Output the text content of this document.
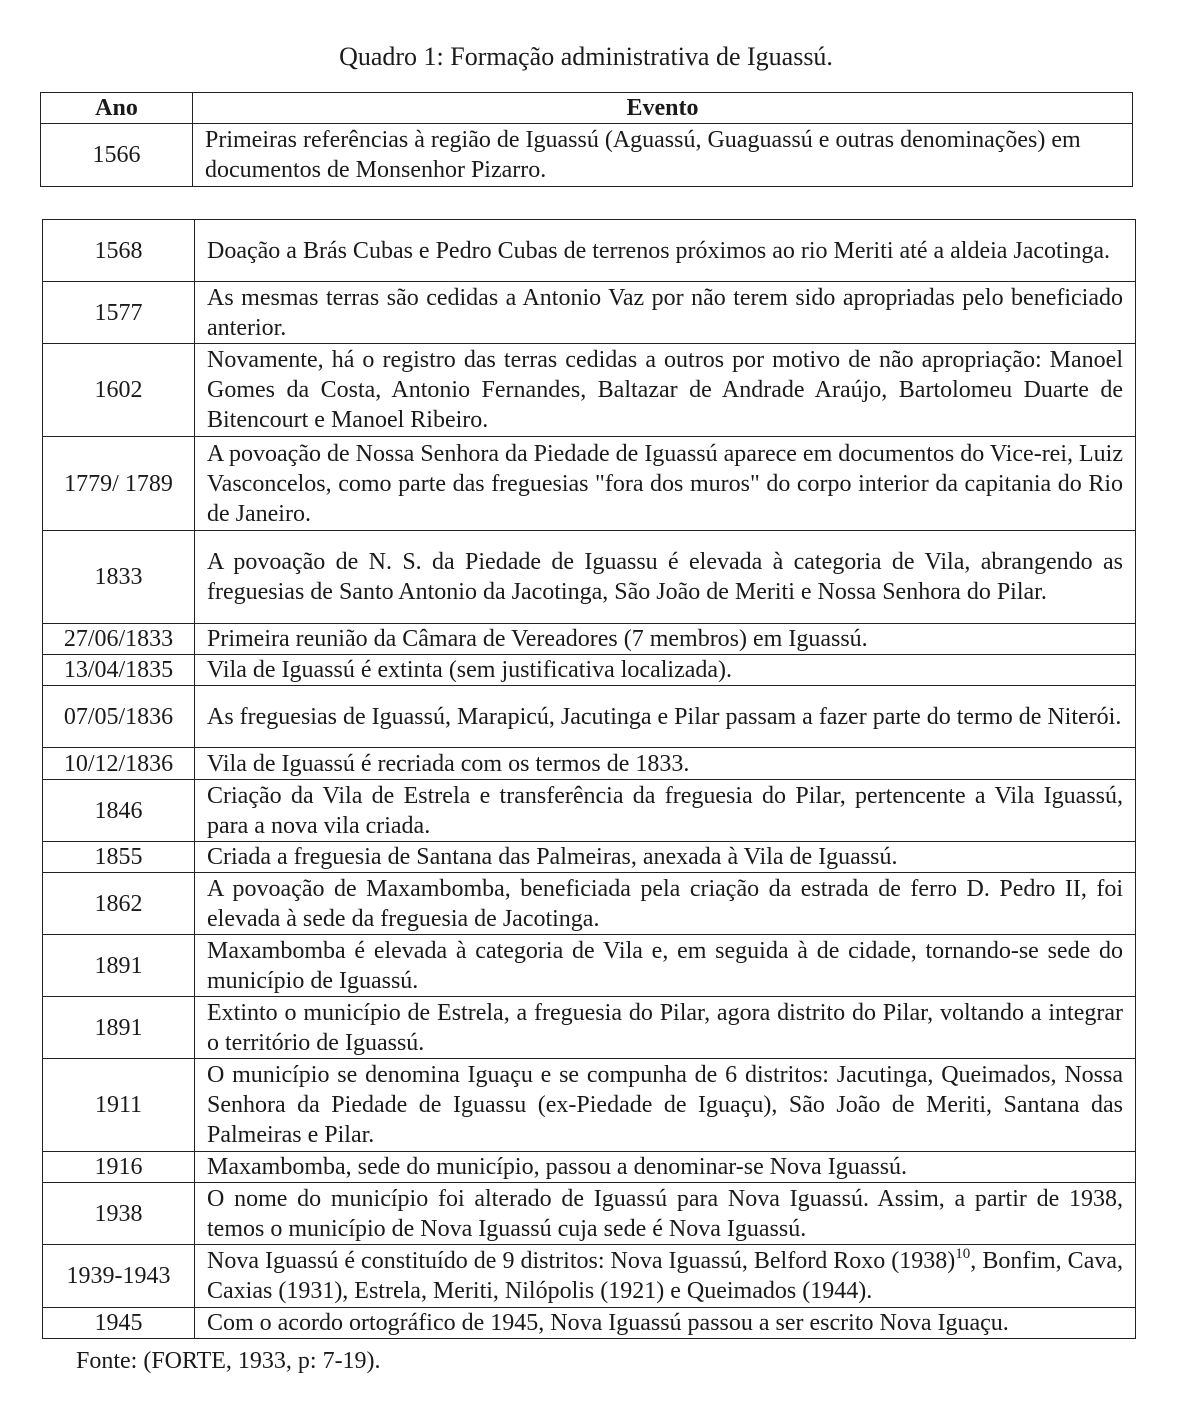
Quadro 1: Formação administrativa de Iguassú.
Ano	Evento
1566	Primeiras referências à região de Iguassú (Aguassú, Guaguassú e outras denominações) em documentos de Monsenhor Pizarro.
1568	Doação a Brás Cubas e Pedro Cubas de terrenos próximos ao rio Meriti até a aldeia Jacotinga.
1577	As mesmas terras são cedidas a Antonio Vaz por não terem sido apropriadas pelo beneficiado anterior.
1602	Novamente, há o registro das terras cedidas a outros por motivo de não apropriação: Manoel Gomes da Costa, Antonio Fernandes, Baltazar de Andrade Araújo, Bartolomeu Duarte de Bitencourt e Manoel Ribeiro.
1779/ 1789	A povoação de Nossa Senhora da Piedade de Iguassú aparece em documentos do Vice-rei, Luiz Vasconcelos, como parte das freguesias "fora dos muros" do corpo interior da capitania do Rio de Janeiro.
1833	A povoação de N. S. da Piedade de Iguassu é elevada à categoria de Vila, abrangendo as freguesias de Santo Antonio da Jacotinga, São João de Meriti e Nossa Senhora do Pilar.
27/06/1833	Primeira reunião da Câmara de Vereadores (7 membros) em Iguassú.
13/04/1835	Vila de Iguassú é extinta (sem justificativa localizada).
07/05/1836	As freguesias de Iguassú, Marapicú, Jacutinga e Pilar passam a fazer parte do termo de Niterói.
10/12/1836	Vila de Iguassú é recriada com os termos de 1833.
1846	Criação da Vila de Estrela e transferência da freguesia do Pilar, pertencente a Vila Iguassú, para a nova vila criada.
1855	Criada a freguesia de Santana das Palmeiras, anexada à Vila de Iguassú.
1862	A povoação de Maxambomba, beneficiada pela criação da estrada de ferro D. Pedro II, foi elevada à sede da freguesia de Jacotinga.
1891	Maxambomba é elevada à categoria de Vila e, em seguida à de cidade, tornando-se sede do município de Iguassú.
1891	Extinto o município de Estrela, a freguesia do Pilar, agora distrito do Pilar, voltando a integrar o território de Iguassú.
1911	O município se denomina Iguaçu e se compunha de 6 distritos: Jacutinga, Queimados, Nossa Senhora da Piedade de Iguassu (ex-Piedade de Iguaçu), São João de Meriti, Santana das Palmeiras e Pilar.
1916	Maxambomba, sede do município, passou a denominar-se Nova Iguassú.
1938	O nome do município foi alterado de Iguassú para Nova Iguassú. Assim, a partir de 1938, temos o município de Nova Iguassú cuja sede é Nova Iguassú.
1939-1943	Nova Iguassú é constituído de 9 distritos: Nova Iguassú, Belford Roxo $(1938)^{10}$, Bonfim, Cava, Caxias (1931), Estrela, Meriti, Nilópolis (1921) e Queimados (1944).
1945	Com o acordo ortográfico de 1945, Nova Iguassú passou a ser escrito Nova Iguaçu.
Fonte: (FORTE, 1933, p: 7-19).
